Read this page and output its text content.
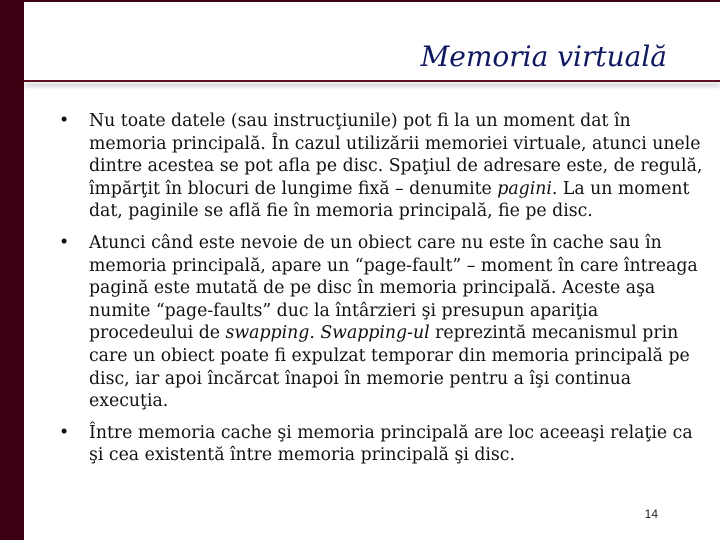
Memoria virtuală
• Nu toate datele (sau instrucţiunile) pot fi la un moment dat în memoria principală. În cazul utilizării memoriei virtuale, atunci unele dintre acestea se pot afla pe disc. Spaţiul de adresare este, de regulă, împărţit în blocuri de lungime fixă – denumite pagini. La un moment dat, paginile se află fie în memoria principală, fie pe disc.
• Atunci când este nevoie de un obiect care nu este în cache sau în memoria principală, apare un “page-fault” – moment în care întreaga pagină este mutată de pe disc în memoria principală. Aceste aşa numite “page-faults” duc la întârzieri şi presupun apariţia procedeului de swapping. Swapping-ul reprezintă mecanismul prin care un obiect poate fi expulzat temporar din memoria principală pe disc, iar apoi încărcat înapoi în memorie pentru a îşi continua execuţia.
• Între memoria cache şi memoria principală are loc aceeaşi relaţie ca şi cea existentă între memoria principală şi disc.
14
